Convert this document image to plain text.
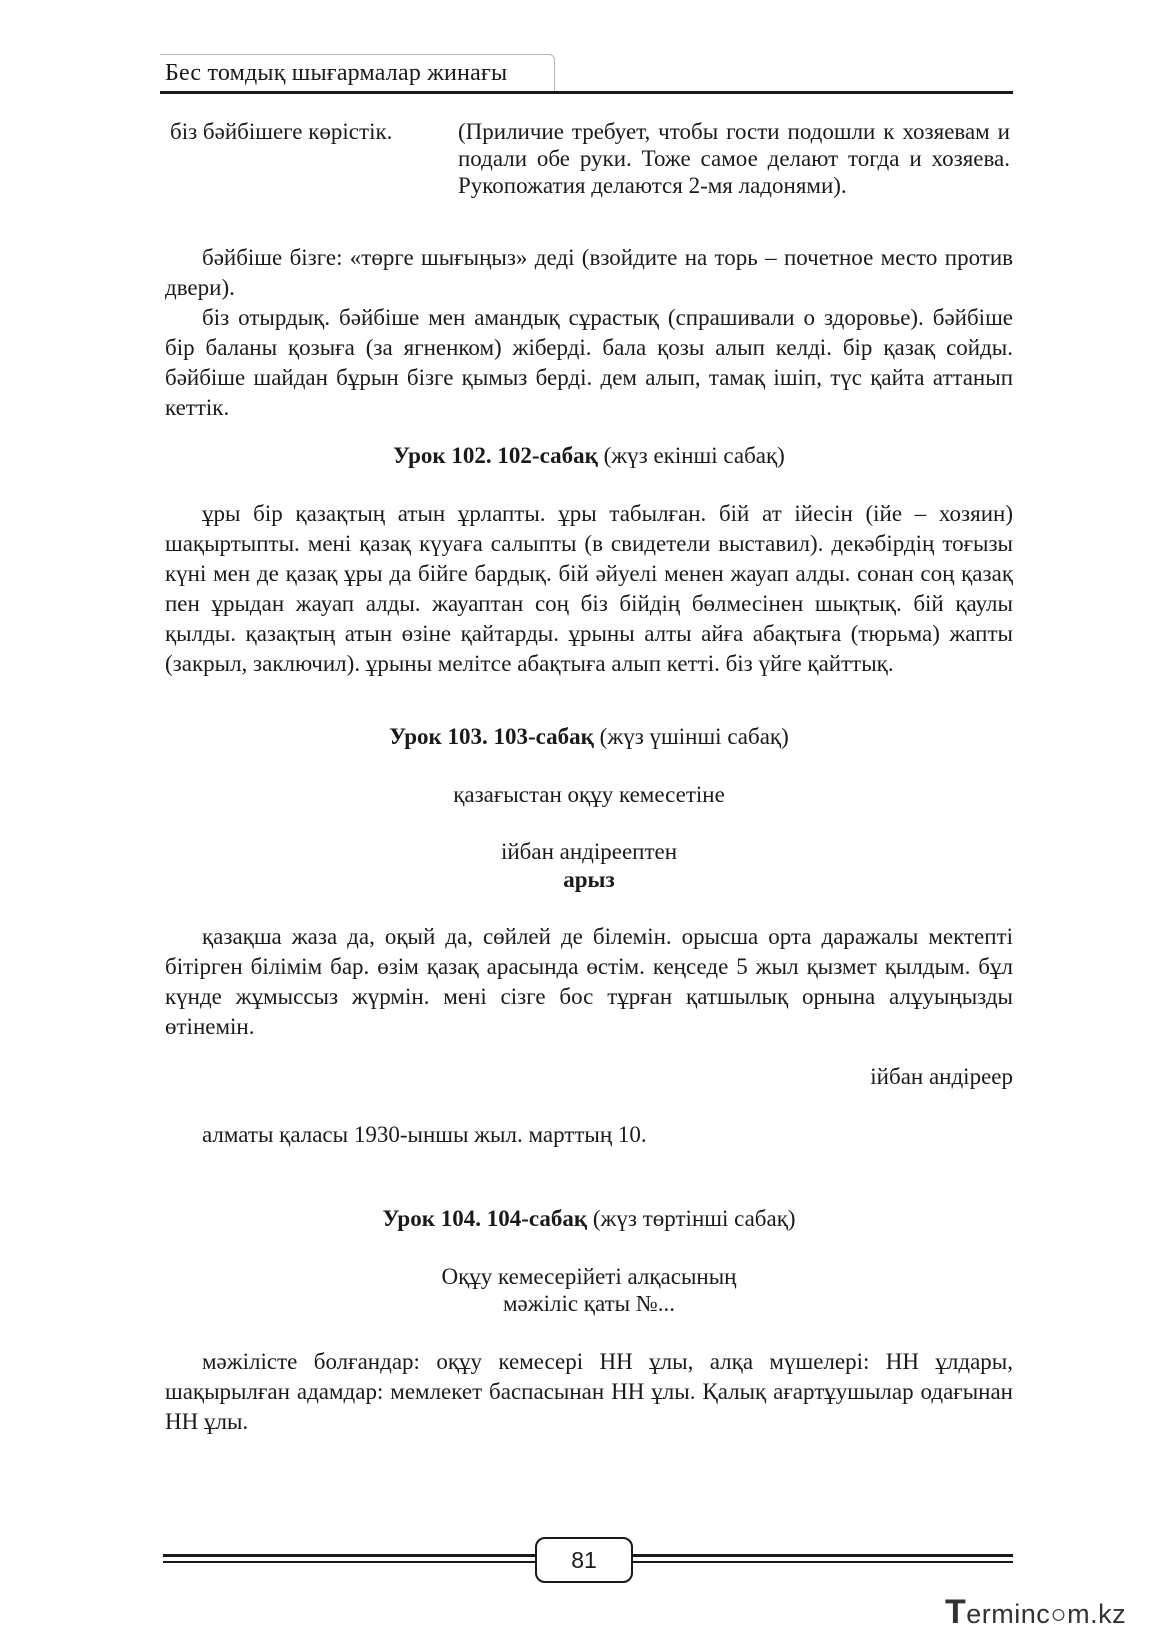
Бес томдық шығармалар жинағы
біз бәйбішеге көрістік.	(Приличие требует, чтобы гости подошли к хозяевам и подали обе руки. Тоже самое делают тогда и хозяева. Рукопожатия делаются 2-мя ладонями).

бәйбіше бізге: «төрге шығыңыз» деді (взойдите на торь – почетное место против двери).

біз отырдық. бәйбіше мен амандық сұрастық (спрашивали о здоровье). бәйбіше бір баланы қозыға (за ягненком) жіберді. бала қозы алып келді. бір қазақ сойды. бәйбіше шайдан бұрын бізге қымыз берді. дем алып, тамақ ішіп, түс қайта аттанып кеттік.

Урок 102. 102-сабақ (жүз екінші сабақ)

ұры бір қазақтың атын ұрлапты. ұры табылған. бій ат ійесін (ійе – хозяин) шақыртыпты. мені қазақ күуаға салыпты (в свидетели выставил). декәбірдің тоғызы күні мен де қазақ ұры да бійге бардық. бій әйуелі менен жауап алды. сонан соң қазақ пен ұрыдан жауап алды. жауаптан соң біз бійдің бөлмесінен шықтық. бій қаулы қылды. қазақтың атын өзіне қайтарды. ұрыны алты айға абақтыға (тюрьма) жапты (закрыл, заключил). ұрыны мелітсе абақтыға алып кетті. біз үйге қайттық.

Урок 103. 103-сабақ (жүз үшінші сабақ)
қазағыстан оқұу кемесетіне
ійбан андіреептен
арыз

қазақша жаза да, оқый да, сөйлей де білемін. орысша орта даражалы мектепті бітірген білімім бар. өзім қазақ арасында өстім. кеңседе 5 жыл қызмет қылдым. бұл күнде жұмыссыз жүрмін. мені сізге бос тұрған қатшылық орнына алұуыңызды өтінемін.

ійбан андіреep

алматы қаласы 1930-ыншы жыл. марттың 10.

Урок 104. 104-сабақ (жүз төртінші сабақ)
Оқұу кемесерійеті алқасының
мәжіліс қаты №...

мәжілісте болғандар: оқұу кемесері НН ұлы, алқа мүшелері: НН ұлдары, шақырылған адамдар: мемлекет баспасынан НН ұлы. Қалық ағартұушылар одағынан НН ұлы.

81
Terminc○m.kz
